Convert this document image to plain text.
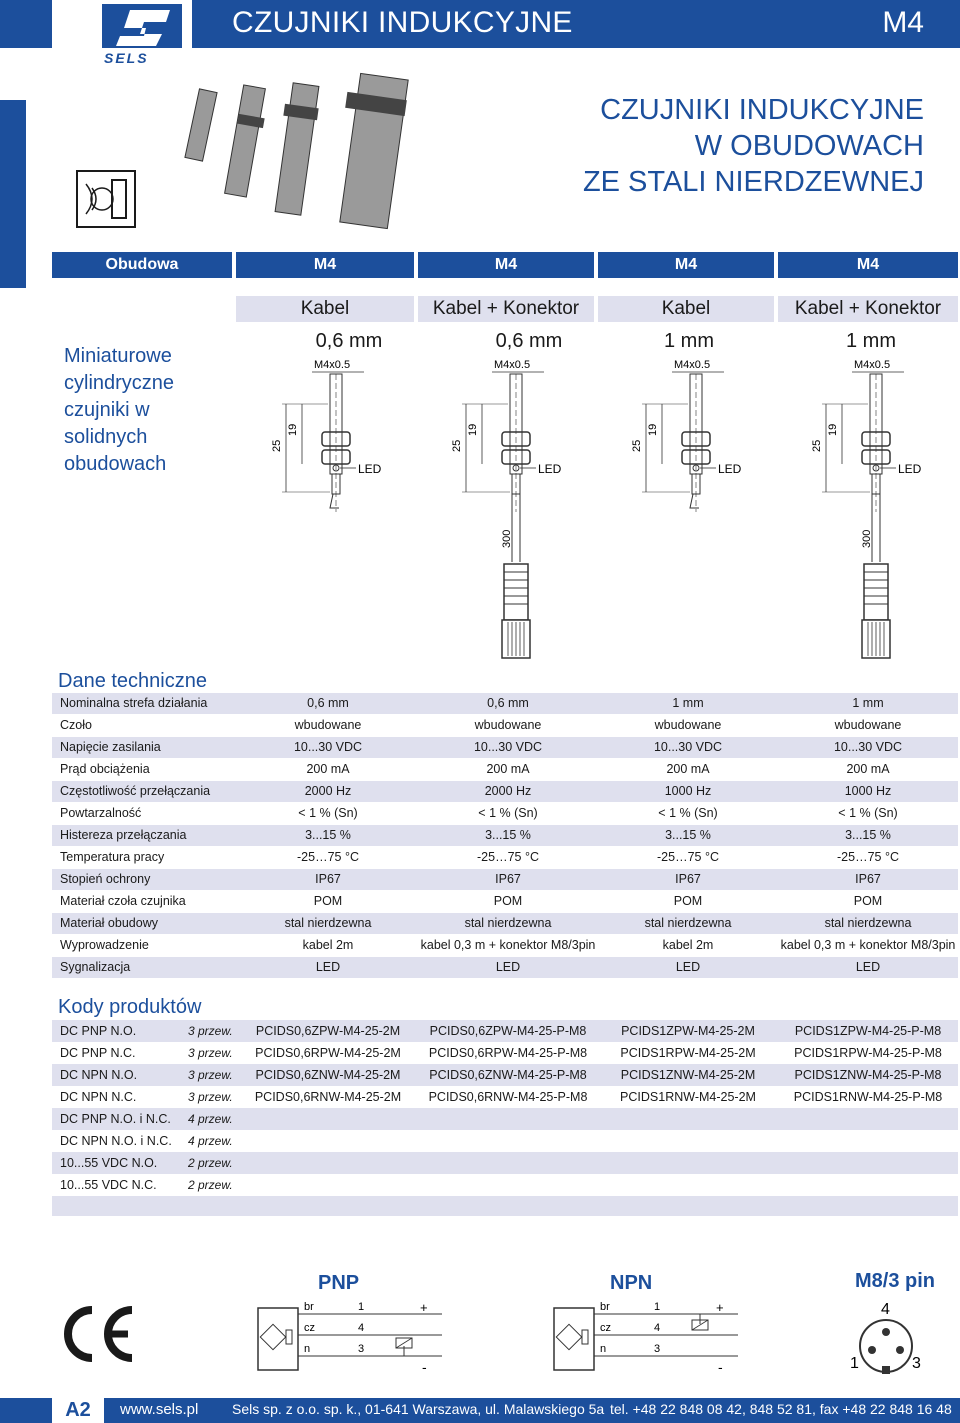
SELS
CZUJNIKI INDUKCYJNE	M4
CZUJNIKI INDUKCYJNE
W OBUDOWACH
ZE STALI NIERDZEWNEJ
Obudowa	M4	M4	M4	M4
Kabel	Kabel + Konektor	Kabel	Kabel + Konektor
Miniaturowe
cylindryczne
czujniki w
solidnych
obudowach
0,6 mm	0,6 mm	1 mm	1 mm
M4x0.5
LED
25
19
M4x0.5
LED
25
19
300
M4x0.5
LED
25
19
M4x0.5
LED
25
19
300
Dane techniczne
Nominalna strefa działania	0,6 mm	0,6 mm	1 mm	1 mm
Czoło	wbudowane	wbudowane	wbudowane	wbudowane
Napięcie zasilania	10...30 VDC	10...30 VDC	10...30 VDC	10...30 VDC
Prąd obciążenia	200 mA	200 mA	200 mA	200 mA
Częstotliwość przełączania	2000 Hz	2000 Hz	1000 Hz	1000 Hz
Powtarzalność	< 1 % (Sn)	< 1 % (Sn)	< 1 % (Sn)	< 1 % (Sn)
Histereza przełączania	3...15 %	3...15 %	3...15 %	3...15 %
Temperatura pracy	-25…75 °C	-25…75 °C	-25…75 °C	-25…75 °C
Stopień ochrony	IP67	IP67	IP67	IP67
Materiał czoła czujnika	POM	POM	POM	POM
Materiał obudowy	stal nierdzewna	stal nierdzewna	stal nierdzewna	stal nierdzewna
Wyprowadzenie	kabel 2m	kabel 0,3 m + konektor M8/3pin	kabel 2m	kabel 0,3 m + konektor M8/3pin
Sygnalizacja	LED	LED	LED	LED
Kody produktów
DC PNP N.O.	3 przew.	PCIDS0,6ZPW-M4-25-2M	PCIDS0,6ZPW-M4-25-P-M8	PCIDS1ZPW-M4-25-2M	PCIDS1ZPW-M4-25-P-M8
DC PNP N.C.	3 przew.	PCIDS0,6RPW-M4-25-2M	PCIDS0,6RPW-M4-25-P-M8	PCIDS1RPW-M4-25-2M	PCIDS1RPW-M4-25-P-M8
DC NPN N.O.	3 przew.	PCIDS0,6ZNW-M4-25-2M	PCIDS0,6ZNW-M4-25-P-M8	PCIDS1ZNW-M4-25-2M	PCIDS1ZNW-M4-25-P-M8
DC NPN N.C.	3 przew.	PCIDS0,6RNW-M4-25-2M	PCIDS0,6RNW-M4-25-P-M8	PCIDS1RNW-M4-25-2M	PCIDS1RNW-M4-25-P-M8
DC PNP N.O. i N.C. 4 przew.
DC NPN N.O. i N.C. 4 przew.
10...55 VDC N.O.	2 przew.
10...55 VDC N.C.	2 przew.
PNP	NPN	M8/3 pin
br
cz
n
1
4
3
+
-
br
cz
n
1
4
3
+
-
4
1	3
A2	www.sels.pl Sels sp. z o.o. sp. k., 01-641 Warszawa, ul. Malawskiego 5a tel. +48 22 848 08 42, 848 52 81, fax +48 22 848 16 48
